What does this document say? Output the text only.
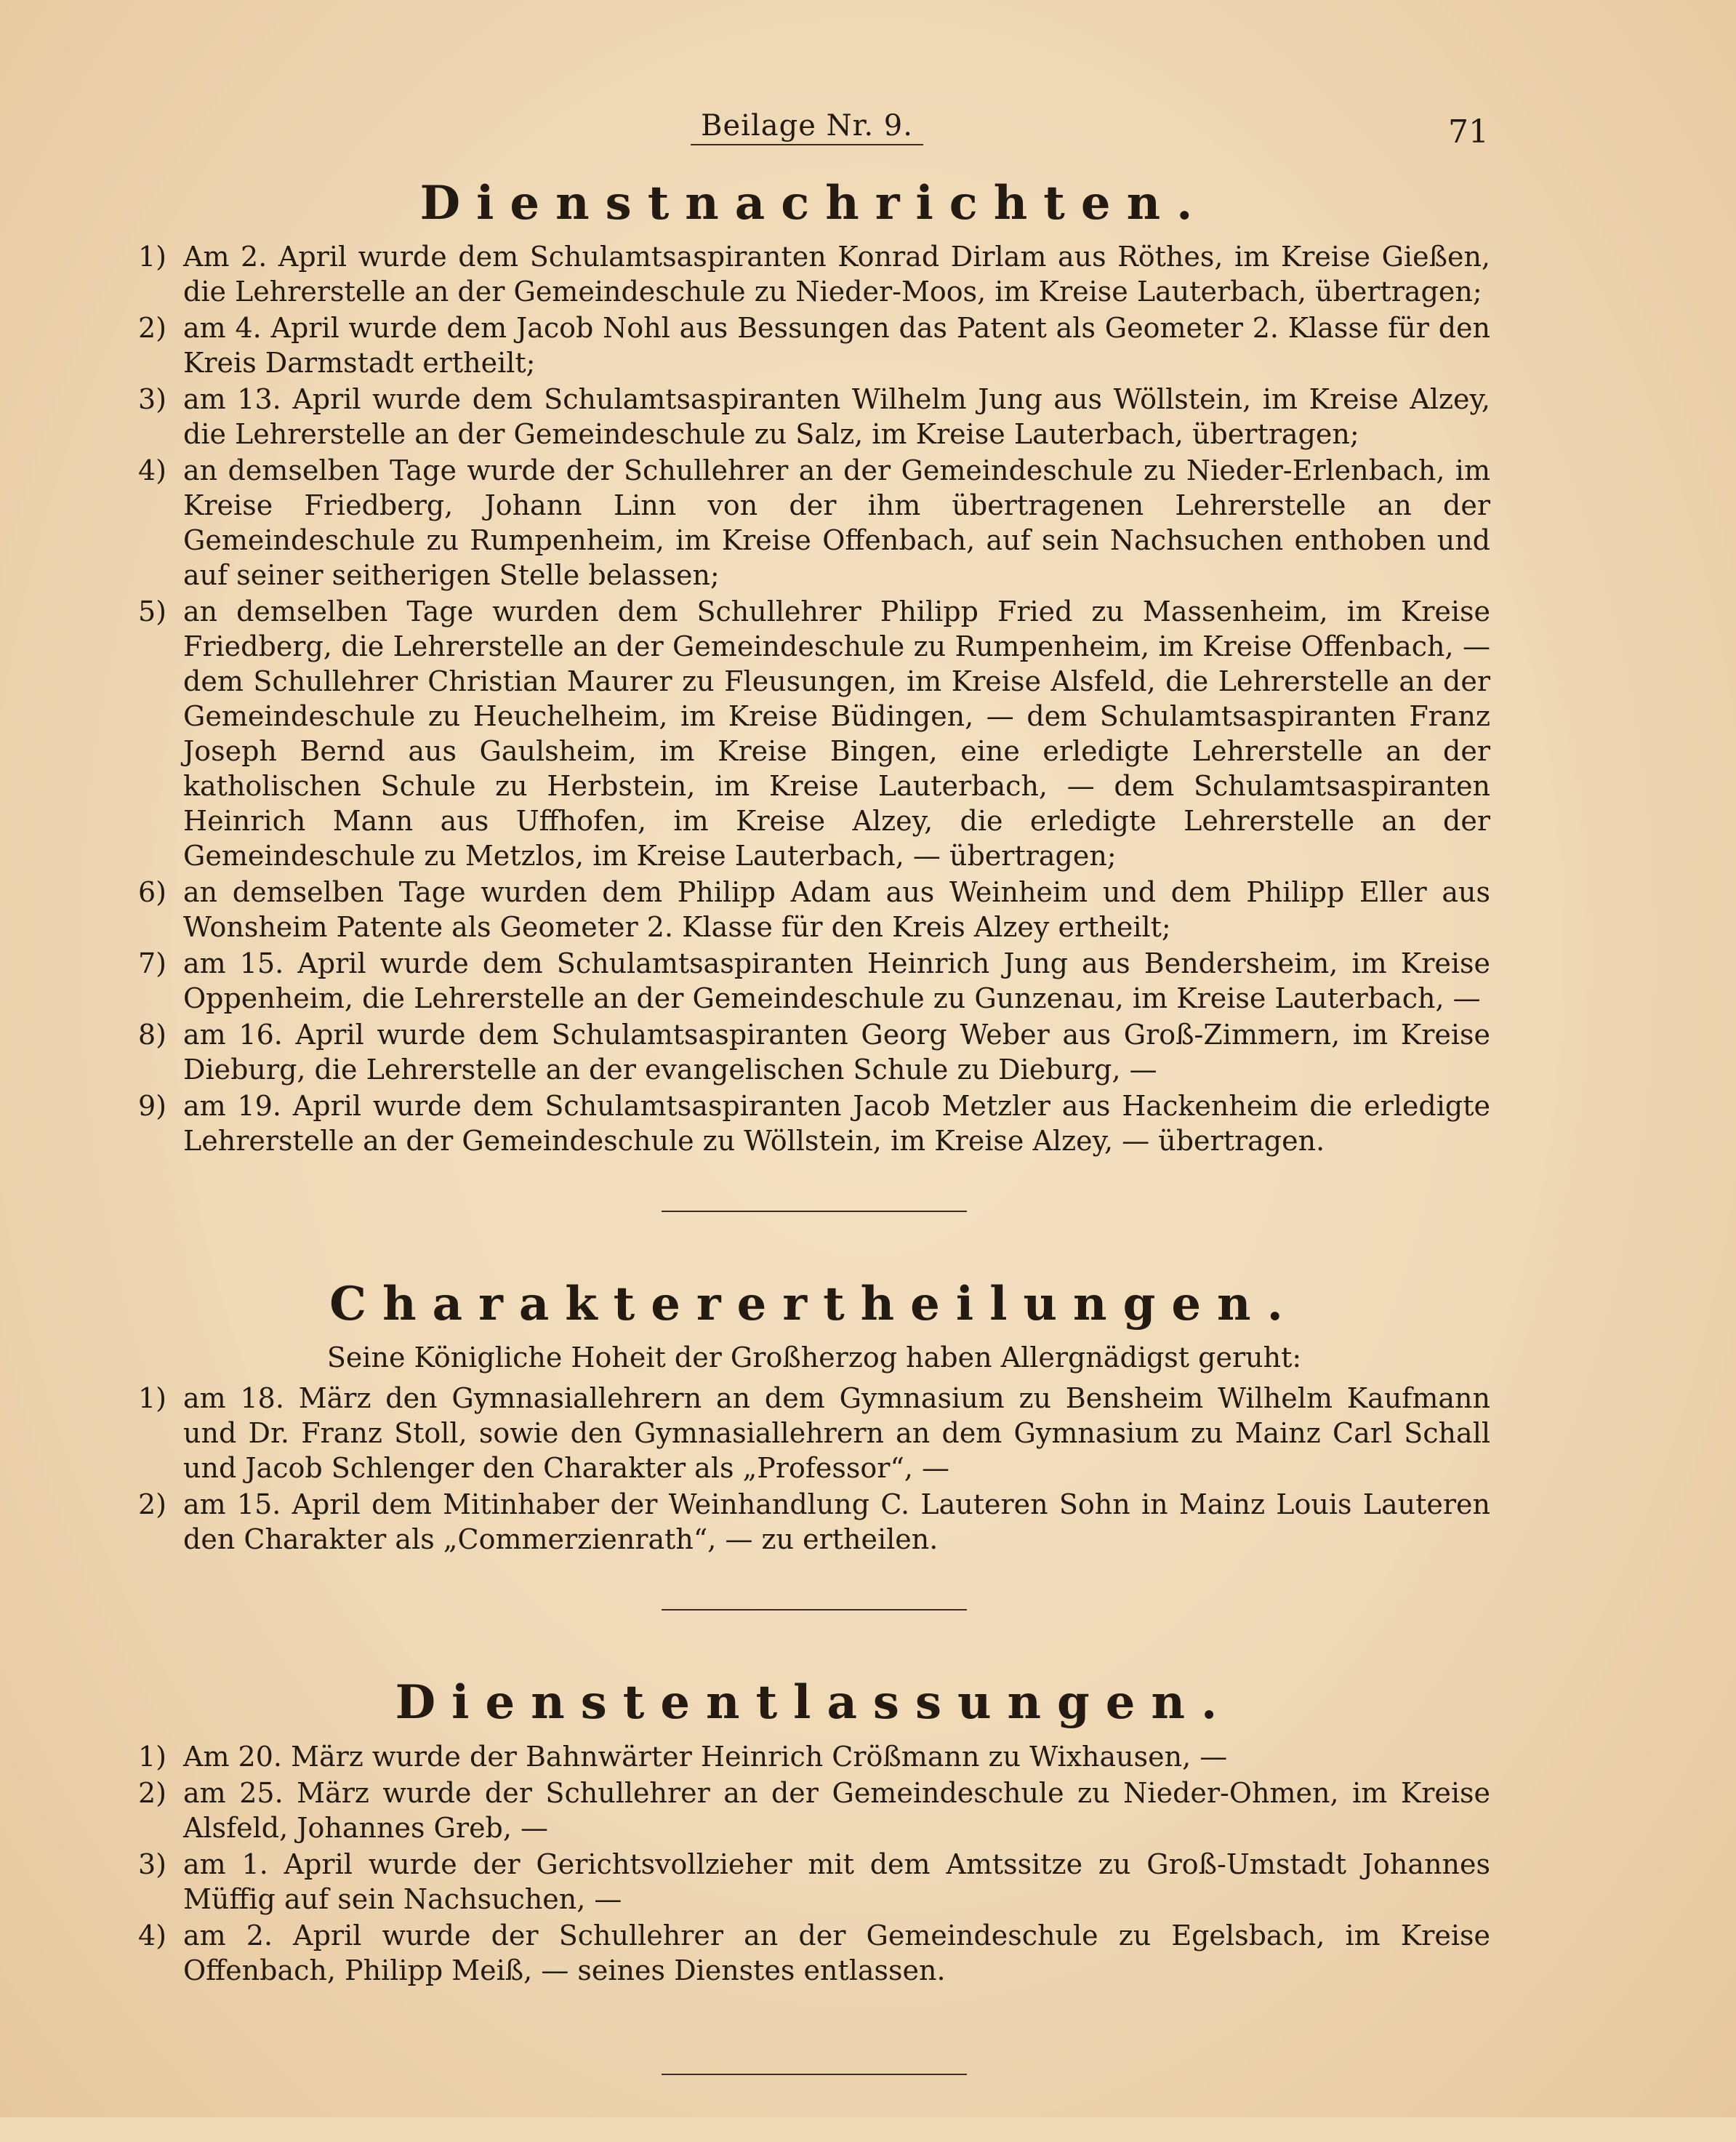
Beilage Nr. 9.	71
Dienstnachrichten.
1) Am 2. April wurde dem Schulamtsaspiranten Konrad Dirlam aus Röthes, im Kreise Gießen, die Lehrerstelle an der Gemeindeschule zu Nieder-Moos, im Kreise Lauterbach, übertragen;
2) am 4. April wurde dem Jacob Nohl aus Bessungen das Patent als Geometer 2. Klasse für den Kreis Darmstadt ertheilt;
3) am 13. April wurde dem Schulamtsaspiranten Wilhelm Jung aus Wöllstein, im Kreise Alzey, die Lehrerstelle an der Gemeindeschule zu Salz, im Kreise Lauterbach, übertragen;
4) an demselben Tage wurde der Schullehrer an der Gemeindeschule zu Nieder-Erlenbach, im Kreise Friedberg, Johann Linn von der ihm übertragenen Lehrerstelle an der Gemeindeschule zu Rumpenheim, im Kreise Offenbach, auf sein Nachsuchen enthoben und auf seiner seitherigen Stelle belassen;
5) an demselben Tage wurden dem Schullehrer Philipp Fried zu Massenheim, im Kreise Friedberg, die Lehrerstelle an der Gemeindeschule zu Rumpenheim, im Kreise Offenbach, — dem Schullehrer Christian Maurer zu Fleusungen, im Kreise Alsfeld, die Lehrerstelle an der Gemeindeschule zu Heuchelheim, im Kreise Büdingen, — dem Schulamtsaspiranten Franz Joseph Bernd aus Gaulsheim, im Kreise Bingen, eine erledigte Lehrerstelle an der katholischen Schule zu Herbstein, im Kreise Lauterbach, — dem Schulamtsaspiranten Heinrich Mann aus Uffhofen, im Kreise Alzey, die erledigte Lehrerstelle an der Gemeindeschule zu Metzlos, im Kreise Lauterbach, — übertragen;
6) an demselben Tage wurden dem Philipp Adam aus Weinheim und dem Philipp Eller aus Wonsheim Patente als Geometer 2. Klasse für den Kreis Alzey ertheilt;
7) am 15. April wurde dem Schulamtsaspiranten Heinrich Jung aus Bendersheim, im Kreise Oppenheim, die Lehrerstelle an der Gemeindeschule zu Gunzenau, im Kreise Lauterbach, —
8) am 16. April wurde dem Schulamtsaspiranten Georg Weber aus Groß-Zimmern, im Kreise Dieburg, die Lehrerstelle an der evangelischen Schule zu Dieburg, —
9) am 19. April wurde dem Schulamtsaspiranten Jacob Metzler aus Hackenheim die erledigte Lehrerstelle an der Gemeindeschule zu Wöllstein, im Kreise Alzey, — übertragen.
Charakterertheilungen.

Seine Königliche Hoheit der Großherzog haben Allergnädigst geruht:

1) am 18. März den Gymnasiallehrern an dem Gymnasium zu Bensheim Wilhelm Kaufmann und Dr. Franz Stoll, sowie den Gymnasiallehrern an dem Gymnasium zu Mainz Carl Schall und Jacob Schlenger den Charakter als „Professor“, —
2) am 15. April dem Mitinhaber der Weinhandlung C. Lauteren Sohn in Mainz Louis Lauteren den Charakter als „Commerzienrath“, — zu ertheilen.
Dienstentlassungen.
1) Am 20. März wurde der Bahnwärter Heinrich Crößmann zu Wixhausen, —
2) am 25. März wurde der Schullehrer an der Gemeindeschule zu Nieder-Ohmen, im Kreise Alsfeld, Johannes Greb, —
3) am 1. April wurde der Gerichtsvollzieher mit dem Amtssitze zu Groß-Umstadt Johannes Müffig auf sein Nachsuchen, —
4) am 2. April wurde der Schullehrer an der Gemeindeschule zu Egelsbach, im Kreise Offenbach, Philipp Meiß, — seines Dienstes entlassen.
